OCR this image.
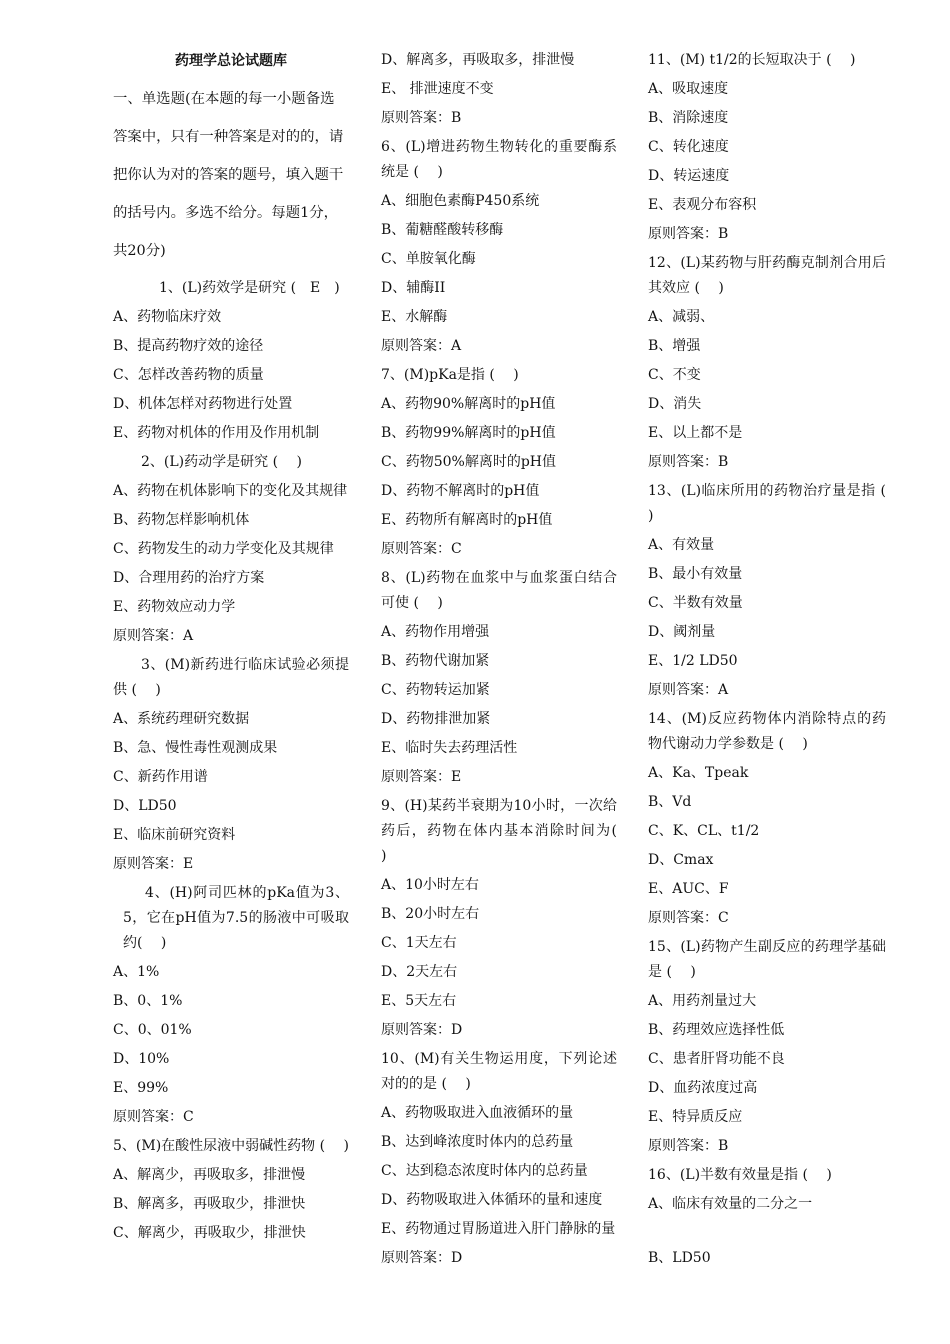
药理学总论试题库

一、单选题(在本题的每一小题备选

答案中，只有一种答案是对的的，请

把你认为对的答案的题号，填入题干

的括号内。多选不给分。每题1分，

共20分)

1、(L)药效学是研究 (　E　)
A、药物临床疗效
B、提高药物疗效的途径
C、怎样改善药物的质量
D、机体怎样对药物进行处置
E、药物对机体的作用及作用机制
2、(L)药动学是研究 (　 )
A、药物在机体影响下的变化及其规律
B、药物怎样影响机体
C、药物发生的动力学变化及其规律
D、合理用药的治疗方案
E、药物效应动力学
原则答案：A
3、(M)新药进行临床试验必须提供 (　 )
A、系统药理研究数据
B、急、慢性毒性观测成果
C、新药作用谱
D、LD50
E、临床前研究资料
原则答案：E
4、(H)阿司匹林的pKa值为3、5，它在pH值为7.5的肠液中可吸取约(　 )
A、1%
B、0、1%
C、0、01%
D、10%
E、99%
原则答案：C
5、(M)在酸性尿液中弱碱性药物 (　 )
A、解离少，再吸取多，排泄慢
B、解离多，再吸取少，排泄快
C、解离少，再吸取少，排泄快
D、解离多，再吸取多，排泄慢
E、 排泄速度不变
原则答案：B
6、(L)增进药物生物转化的重要酶系统是 (　 )
A、细胞色素酶P450系统
B、葡糖醛酸转移酶
C、单胺氧化酶
D、辅酶II
E、水解酶
原则答案：A
7、(M)pKa是指 (　 )
A、药物90%解离时的pH值
B、药物99%解离时的pH值
C、药物50%解离时的pH值
D、药物不解离时的pH值
E、药物所有解离时的pH值
原则答案：C
8、(L)药物在血浆中与血浆蛋白结合可使 (　 )
A、药物作用增强
B、药物代谢加紧
C、药物转运加紧
D、药物排泄加紧
E、临时失去药理活性
原则答案：E
9、(H)某药半衰期为10小时，一次给药后，药物在体内基本消除时间为(　 )
A、10小时左右
B、20小时左右
C、1天左右
D、2天左右
E、5天左右
原则答案：D
10、(M)有关生物运用度，下列论述对的的是 (　 )
A、药物吸取进入血液循环的量
B、达到峰浓度时体内的总药量
C、达到稳态浓度时体内的总药量
D、药物吸取进入体循环的量和速度
E、药物通过胃肠道进入肝门静脉的量
原则答案：D
11、(M) t1/2的长短取决于 (　 )
A、吸取速度
B、消除速度
C、转化速度
D、转运速度
E、表观分布容积
原则答案：B
12、(L)某药物与肝药酶克制剂合用后其效应 (　 )
A、减弱、
B、增强
C、不变
D、消失
E、以上都不是
原则答案：B
13、(L)临床所用的药物治疗量是指 (　 )
A、有效量
B、最小有效量
C、半数有效量
D、阈剂量
E、1/2 LD50
原则答案：A
14、(M)反应药物体内消除特点的药物代谢动力学参数是 (　 )
A、Ka、Tpeak
B、Vd
C、K、CL、t1/2
D、Cmax
E、AUC、F
原则答案：C
15、(L)药物产生副反应的药理学基础是 (　 )
A、用药剂量过大
B、药理效应选择性低
C、患者肝肾功能不良
D、血药浓度过高
E、特异质反应
原则答案：B
16、(L)半数有效量是指 (　 )
A、临床有效量的二分之一
B、LD50
